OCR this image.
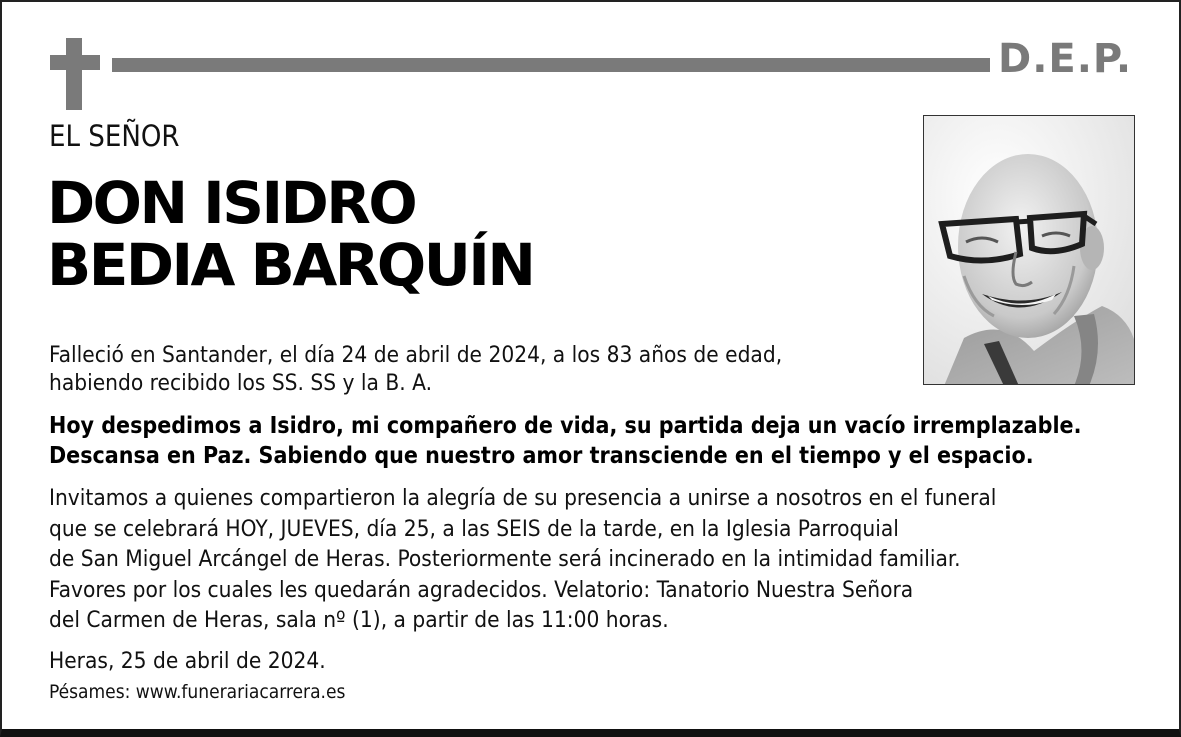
D.E.P.
EL SEÑOR
DON ISIDRO
BEDIA BARQUÍN
Falleció en Santander, el día 24 de abril de 2024, a los 83 años de edad,
habiendo recibido los SS. SS y la B. A.
Hoy despedimos a Isidro, mi compañero de vida, su partida deja un vacío irremplazable.
Descansa en Paz. Sabiendo que nuestro amor transciende en el tiempo y el espacio.
Invitamos a quienes compartieron la alegría de su presencia a unirse a nosotros en el funeral
que se celebrará HOY, JUEVES, día 25, a las SEIS de la tarde, en la Iglesia Parroquial
de San Miguel Arcángel de Heras. Posteriormente será incinerado en la intimidad familiar.
Favores por los cuales les quedarán agradecidos. Velatorio: Tanatorio Nuestra Señora
del Carmen de Heras, sala nº (1), a partir de las 11:00 horas.
Heras, 25 de abril de 2024.
Pésames: www.funerariacarrera.es
